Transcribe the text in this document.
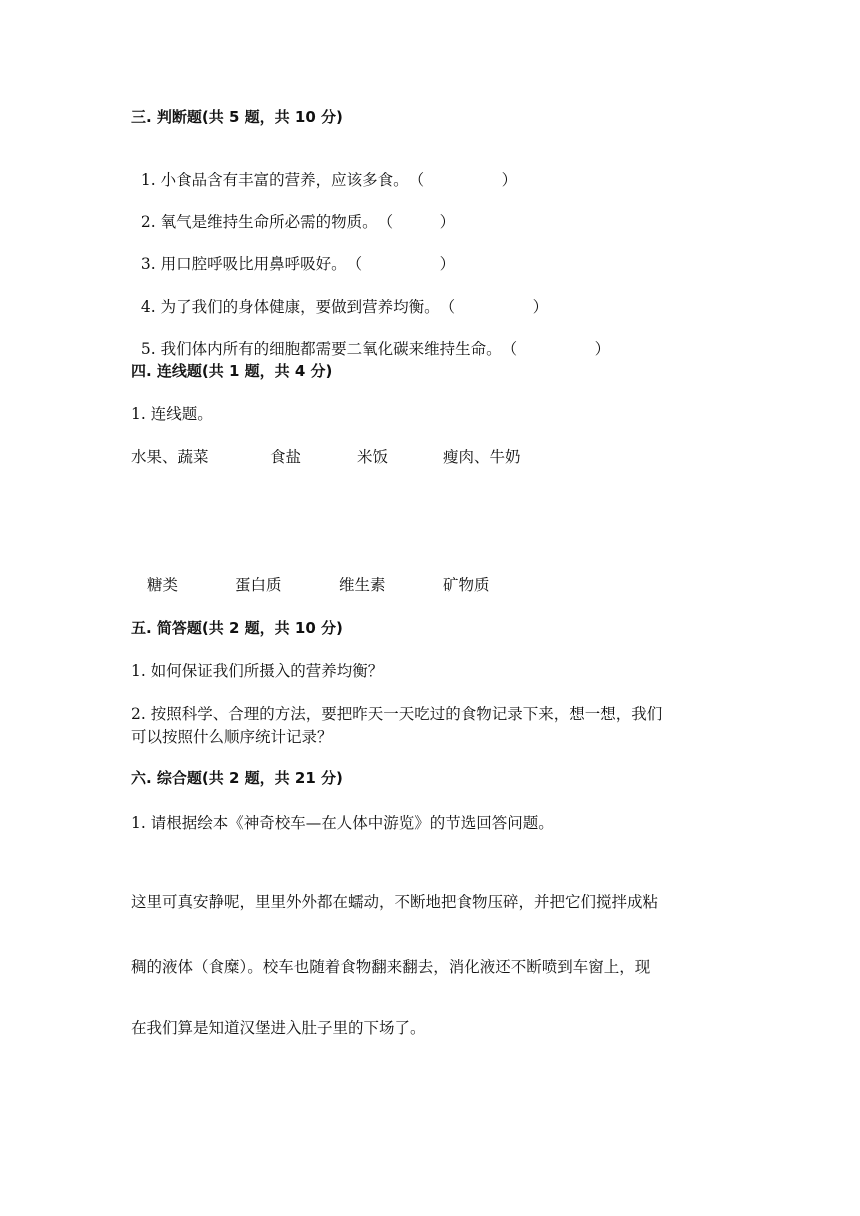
三. 判断题(共 5 题，共 10 分)

1. 小食品含有丰富的营养，应该多食。（　　　　　）

2. 氧气是维持生命所必需的物质。（　　　）

3. 用口腔呼吸比用鼻呼吸好。（　　　　　）

4. 为了我们的身体健康，要做到营养均衡。（　　　　　）

5. 我们体内所有的细胞都需要二氧化碳来维持生命。（　　　　　）

四. 连线题(共 1 题，共 4 分)
1. 连线题。
水果、蔬菜	食盐	米饭	瘦肉、牛奶
糖类	蛋白质	维生素	矿物质
五. 简答题(共 2 题，共 10 分)
1. 如何保证我们所摄入的营养均衡？
2. 按照科学、合理的方法，要把昨天一天吃过的食物记录下来，想一想，我们
可以按照什么顺序统计记录？
六. 综合题(共 2 题，共 21 分)
1. 请根据绘本《神奇校车—在人体中游览》的节选回答问题。
这里可真安静呢，里里外外都在蠕动，不断地把食物压碎，并把它们搅拌成粘
稠的液体（食糜）。校车也随着食物翻来翻去，消化液还不断喷到车窗上，现
在我们算是知道汉堡进入肚子里的下场了。
